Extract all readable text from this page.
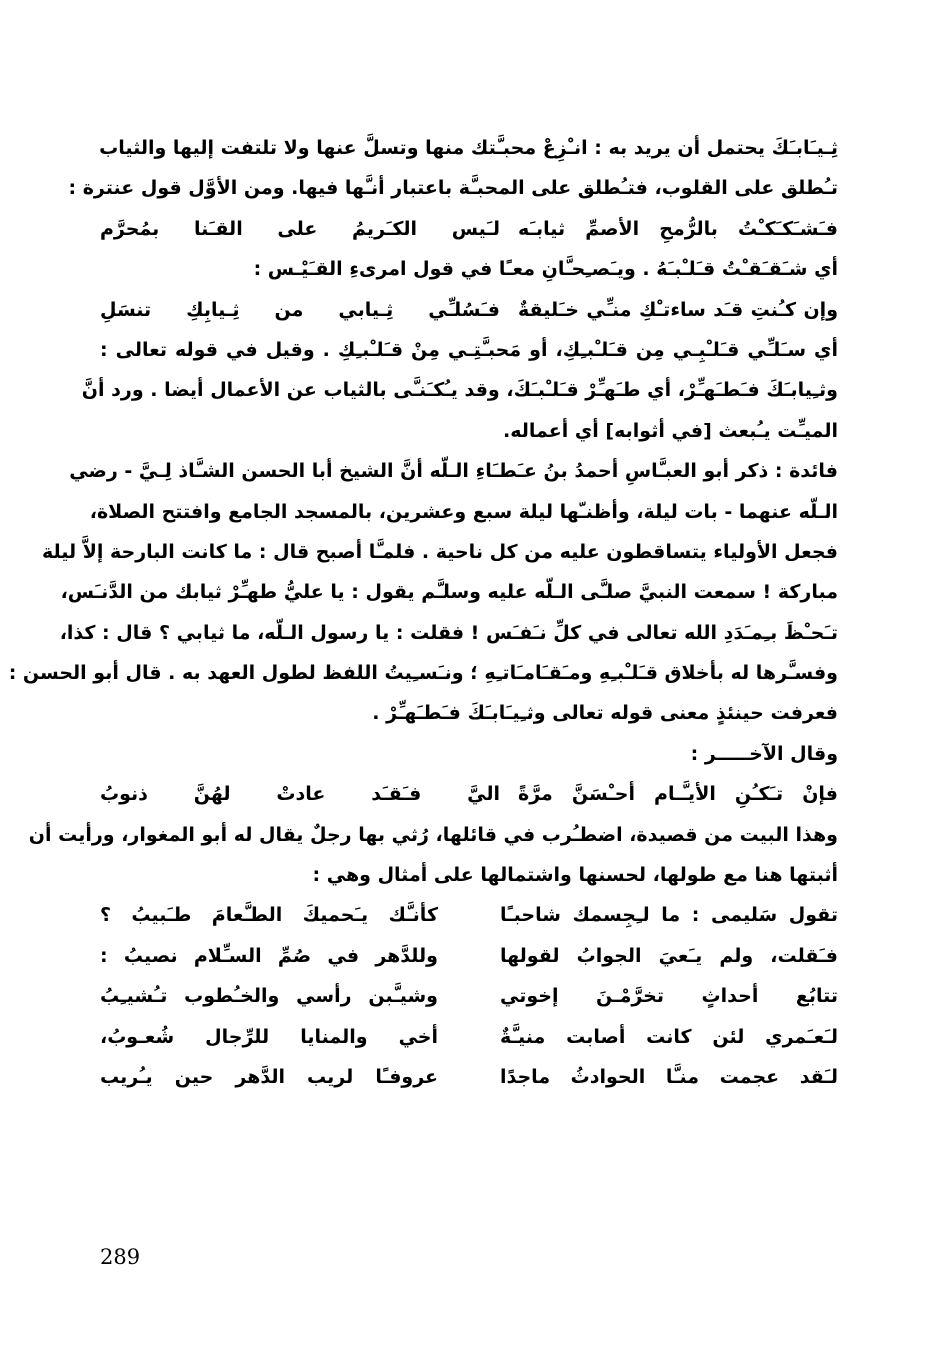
ثِـيـَابـَكَ يحتمل أن يريد به : انـْزِعْ محبـَّتك منها وتسلَّ عنها ولا تلتفت إليها والثياب
تـُطلق على القلوب، فتـُطلق على المحبـَّة باعتبار أنـَّها فيها. ومن الأوَّل قول عنترة :
فـَشـَكـَكـْتُ بالرُّمحِ الأصمِّ ثيابـَه
لـَيس الكـَريمُ على القـَنا بمُحرَّم
أي شـَقـَقـْتُ قـَلـْبـَهُ . ويـَصـِحـَّانِ معـًا في قول امرىءِ القـَيْـس :
وإن كـُنتِ قـَد ساءتـْكِ منـِّي خـَليقةٌ
فـَسُلـِّي ثِـيابي من ثِـيابِكِ تنسَلِ
أي سـَلـِّي قـَلـْبِـي مِن قـَلـْبـِكِ، أو مَحبـَّتِـي مِنْ قـَلـْبـِكِ . وقيل في قوله تعالى :
وثـِيابـَكَ فـَطـَهـِّرْ، أي طـَهـِّرْ قـَلـْبـَكَ، وقد يـُكـَنـَّى بالثياب عن الأعمال أيضا . ورد أنَّ
الميـِّت يـُبعث [في أثوابه] أي أعماله.
فائدة : ذكر أبو العبـَّاسِ أحمدُ بنُ عـَطـَاءِ الـلّه أنَّ الشيخ أبا الحسن الشـَّاذ لِـيَّ - رضي
الـلّه عنهما - بات ليلة، وأظنـّها ليلة سبع وعشرين، بالمسجد الجامع وافتتح الصلاة،
فجعل الأولياء يتساقطون عليه من كل ناحية . فلمـَّا أصبح قال : ما كانت البارحة إلاَّ ليلة
مباركة ! سمعت النبيَّ صلـَّى الـلّه عليه وسلـَّم يقول : يا عليُّ طهـِّرْ ثيابك من الدَّنـَس،
تـَحـْظَ بـِمـَدَدِ الله تعالى في كلِّ نـَفـَس ! فقلت : يا رسول الـلّه، ما ثيابي ؟ قال : كذا،
وفسـَّرها له بأخلاق قـَلـْبـِهِ ومـَقـَامـَاتـِهِ ؛ ونـَسـِيتُ اللفظ لطول العهد به . قال أبو الحسن :
فعرفت حينئذٍ معنى قوله تعالى وثـِيـَابـَكَ فـَطـَهـِّرْ .
وقال الآخـــــر :
فإنْ تـَكـُنِ الأيـَّـام أحـْسَنَّ مرَّةً
اليَّ فـَقـَد عادتْ لهُنَّ ذنوبُ
وهذا البيت من قصيدة، اضطـُرب في قائلها، رُثي بها رجلٌ يقال له أبو المغوار، ورأيت أن
أثبتها هنا مع طولها، لحسنها واشتمالها على أمثال وهي :
تقول سَليمى : ما لـِجِسمك شاحبـًا
كأنـَّك يـَحميكَ الطـَّعامَ طـَبيبُ ؟
فـَقلت، ولم يـَعيَ الجوابُ لقولها
وللدَّهر في صُمِّ السـِّلام نصيبُ :
تتابُع أحداثٍ تخرَّمْـنَ إخوتي
وشيـَّبن رأسي والخـُطوب تـُشيـِبُ
لـَعـَمري لئن كانت أصابت منيـَّةٌ
أخي والمنايا للرِّجال شُعـوبُ،
لـَقد عجمت منـَّا الحوادثُ ماجدًا
عروفـًا لريب الدَّهر حين يـُريب
289
